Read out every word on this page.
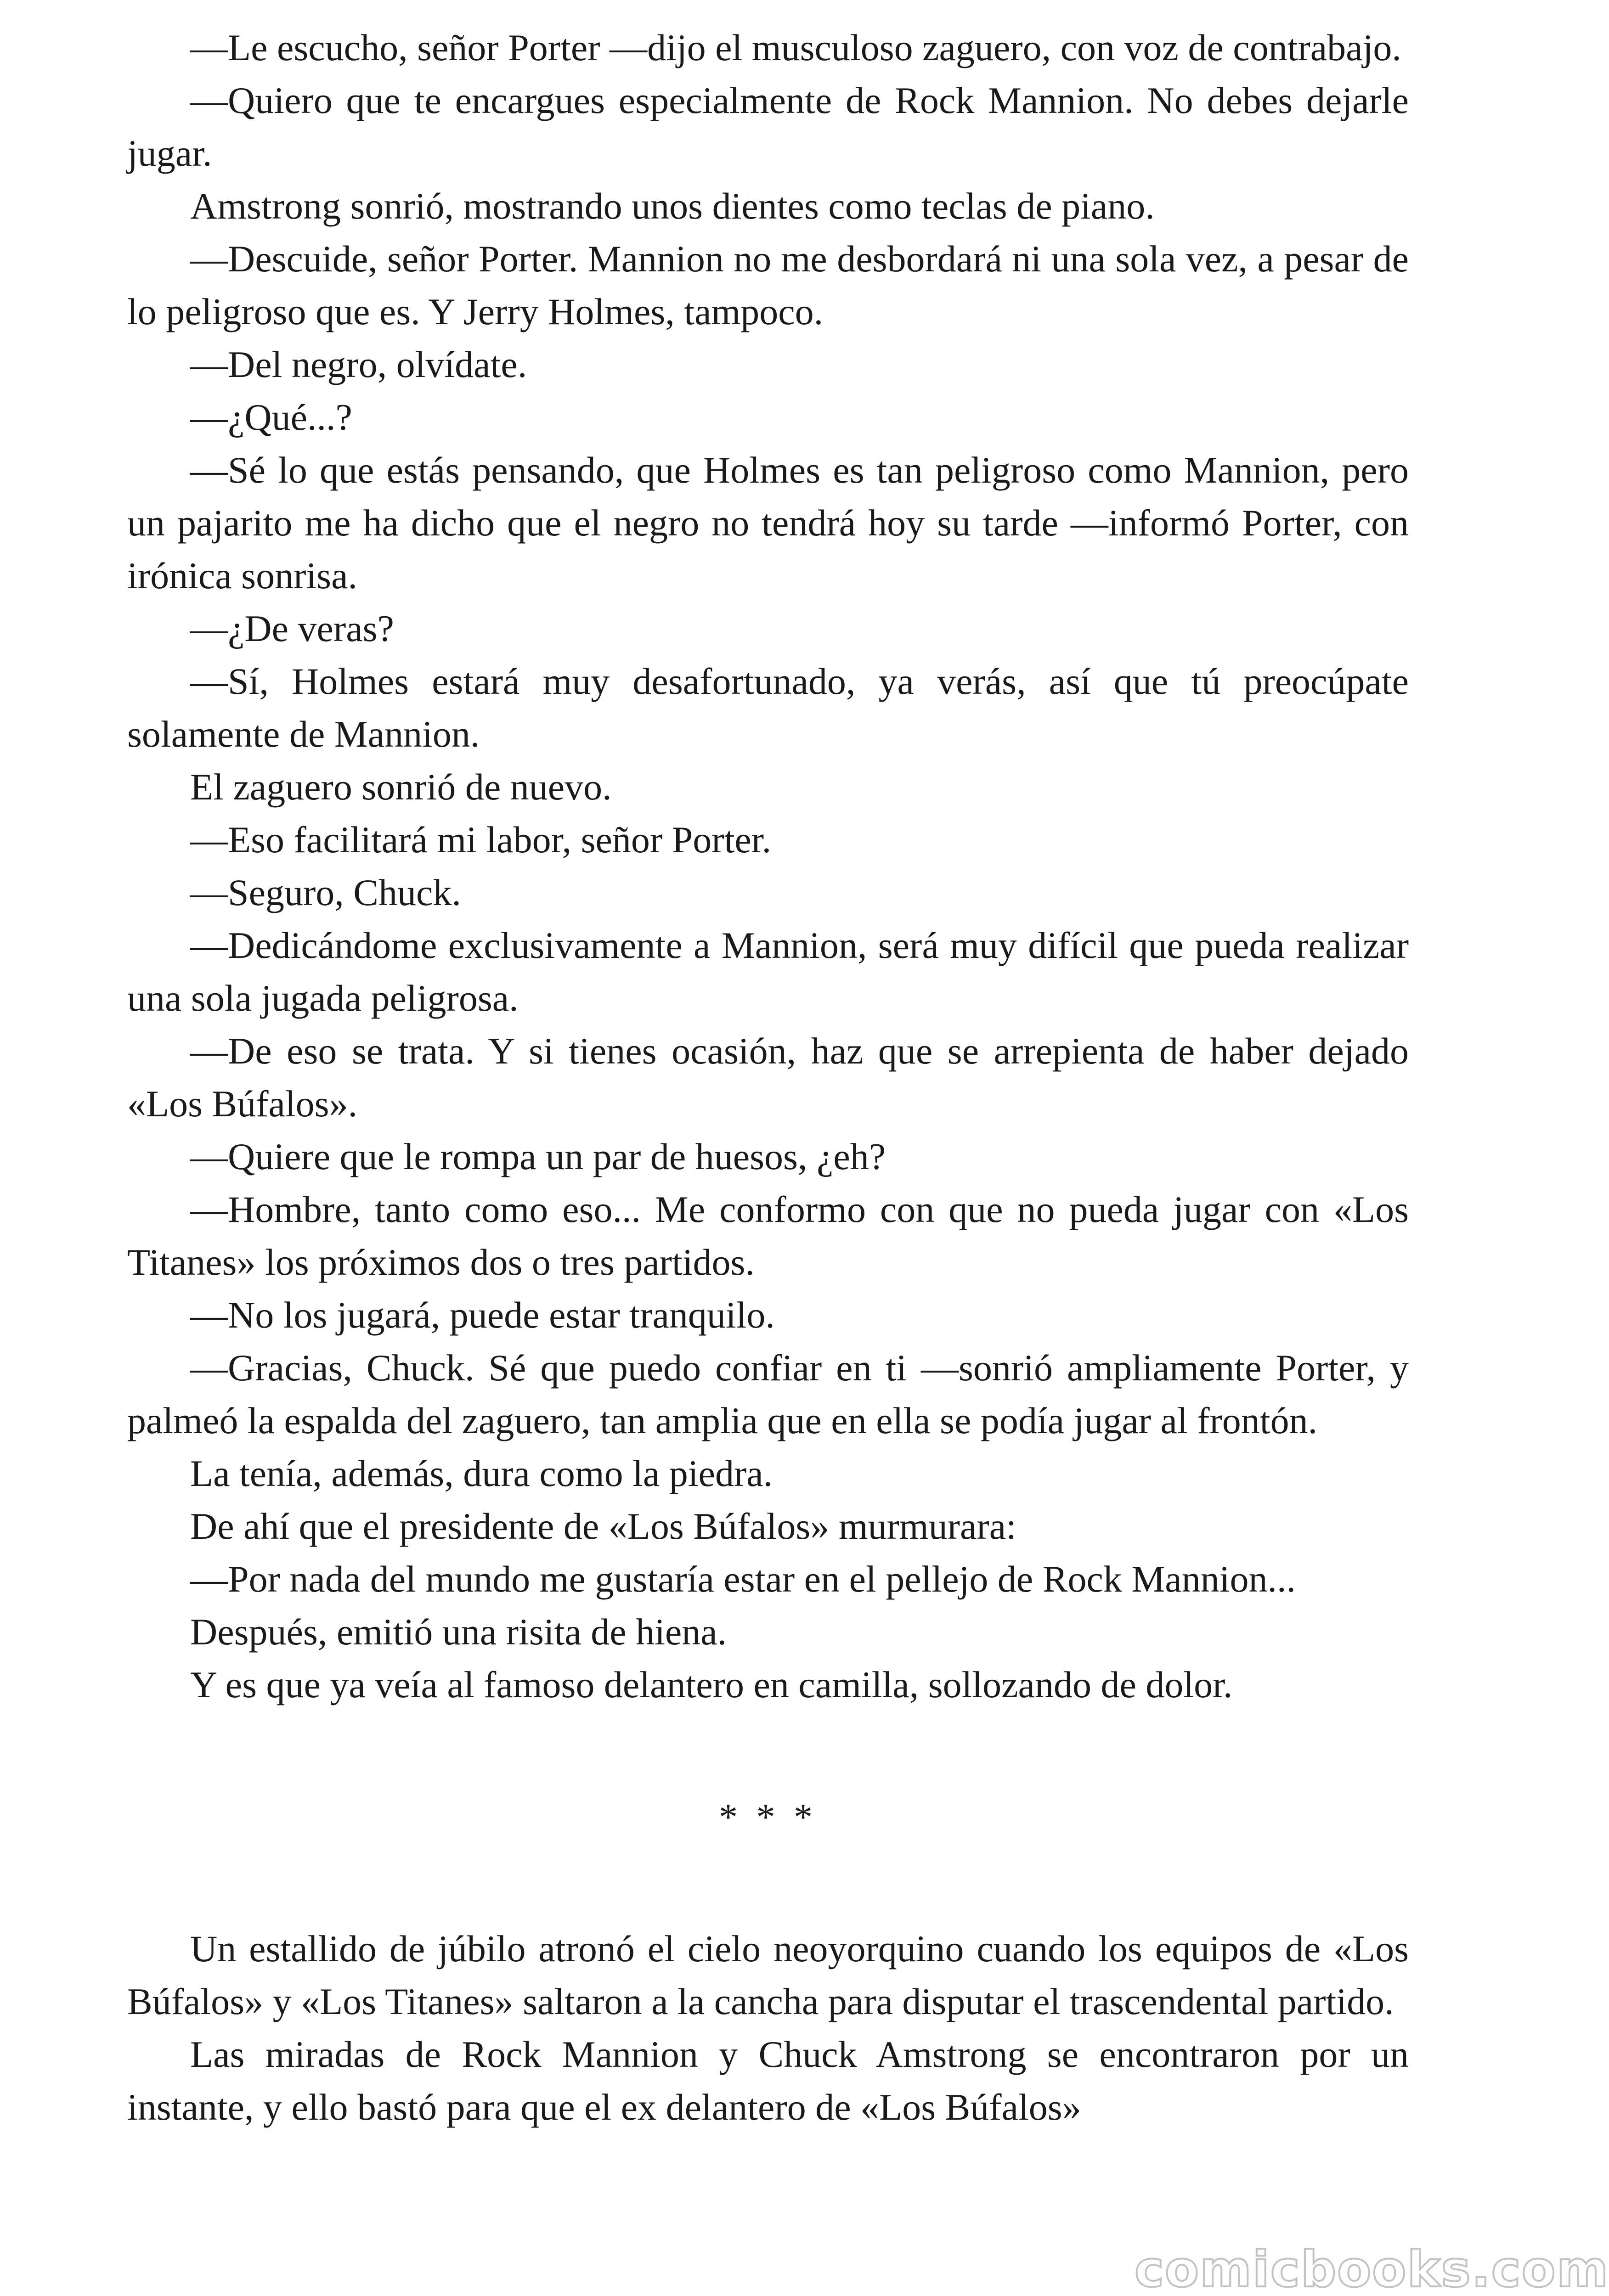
—Le escucho, señor Porter —dijo el musculoso zaguero, con voz de contrabajo.

—Quiero que te encargues especialmente de Rock Mannion. No debes dejarle jugar.

Amstrong sonrió, mostrando unos dientes como teclas de piano.

—Descuide, señor Porter. Mannion no me desbordará ni una sola vez, a pesar de lo peligroso que es. Y Jerry Holmes, tampoco.

—Del negro, olvídate.

—¿Qué...?

—Sé lo que estás pensando, que Holmes es tan peligroso como Mannion, pero un pajarito me ha dicho que el negro no tendrá hoy su tarde —informó Porter, con irónica sonrisa.

—¿De veras?

—Sí, Holmes estará muy desafortunado, ya verás, así que tú preocúpate solamente de Mannion.

El zaguero sonrió de nuevo.

—Eso facilitará mi labor, señor Porter.

—Seguro, Chuck.

—Dedicándome exclusivamente a Mannion, será muy difícil que pueda realizar una sola jugada peligrosa.

—De eso se trata. Y si tienes ocasión, haz que se arrepienta de haber dejado «Los Búfalos».

—Quiere que le rompa un par de huesos, ¿eh?

—Hombre, tanto como eso... Me conformo con que no pueda jugar con «Los Titanes» los próximos dos o tres partidos.

—No los jugará, puede estar tranquilo.

—Gracias, Chuck. Sé que puedo confiar en ti —sonrió ampliamente Porter, y palmeó la espalda del zaguero, tan amplia que en ella se podía jugar al frontón.

La tenía, además, dura como la piedra.

De ahí que el presidente de «Los Búfalos» murmurara:

—Por nada del mundo me gustaría estar en el pellejo de Rock Mannion...

Después, emitió una risita de hiena.

Y es que ya veía al famoso delantero en camilla, sollozando de dolor.

* * *

Un estallido de júbilo atronó el cielo neoyorquino cuando los equipos de «Los Búfalos» y «Los Titanes» saltaron a la cancha para disputar el trascendental partido.

Las miradas de Rock Mannion y Chuck Amstrong se encontraron por un instante, y ello bastó para que el ex delantero de «Los Búfalos»

comicbooks.com
